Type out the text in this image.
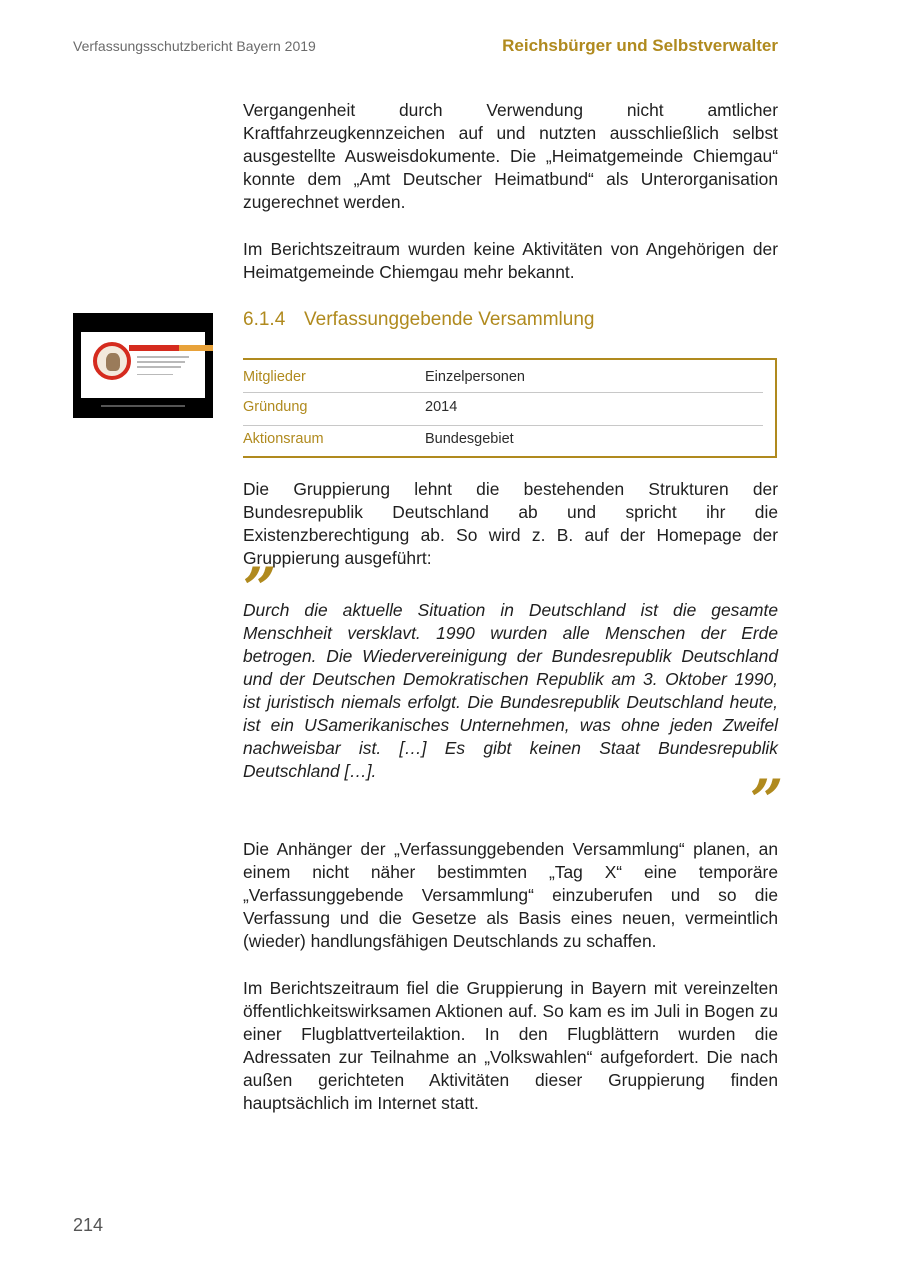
Verfassungsschutzbericht Bayern 2019	Reichsbürger und Selbstverwalter

Vergangenheit durch Verwendung nicht amtlicher Kraftfahrzeugkennzeichen auf und nutzten ausschließlich selbst ausgestellte Ausweisdokumente. Die „Heimatgemeinde Chiemgau“ konnte dem „Amt Deutscher Heimatbund“ als Unterorganisation zugerechnet werden.

Im Berichtszeitraum wurden keine Aktivitäten von Angehörigen der Heimatgemeinde Chiemgau mehr bekannt.

6.1.4 Verfassunggebende Versammlung
Mitglieder	Einzelpersonen
Gründung	2014
Aktionsraum	Bundesgebiet

Die Gruppierung lehnt die bestehenden Strukturen der Bundesrepublik Deutschland ab und spricht ihr die Existenzberechtigung ab. So wird z. B. auf der Homepage der Gruppierung ausgeführt:

”

Durch die aktuelle Situation in Deutschland ist die gesamte Menschheit versklavt. 1990 wurden alle Menschen der Erde betrogen. Die Wiedervereinigung der Bundesrepublik Deutschland und der Deutschen Demokratischen Republik am 3. Oktober 1990, ist juristisch niemals erfolgt. Die Bundesrepublik Deutschland heute, ist ein USamerikanisches Unternehmen, was ohne jeden Zweifel nachweisbar ist. […] Es gibt keinen Staat Bundesrepublik Deutschland […].	”

Die Anhänger der „Verfassunggebenden Versammlung“ planen, an einem nicht näher bestimmten „Tag X“ eine temporäre „Verfassunggebende Versammlung“ einzuberufen und so die Verfassung und die Gesetze als Basis eines neuen, vermeintlich (wieder) handlungsfähigen Deutschlands zu schaffen.

Im Berichtszeitraum fiel die Gruppierung in Bayern mit vereinzelten öffentlichkeitswirksamen Aktionen auf. So kam es im Juli in Bogen zu einer Flugblattverteilaktion. In den Flugblättern wurden die Adressaten zur Teilnahme an „Volkswahlen“ aufgefordert. Die nach außen gerichteten Aktivitäten dieser Gruppierung finden hauptsächlich im Internet statt.

214
